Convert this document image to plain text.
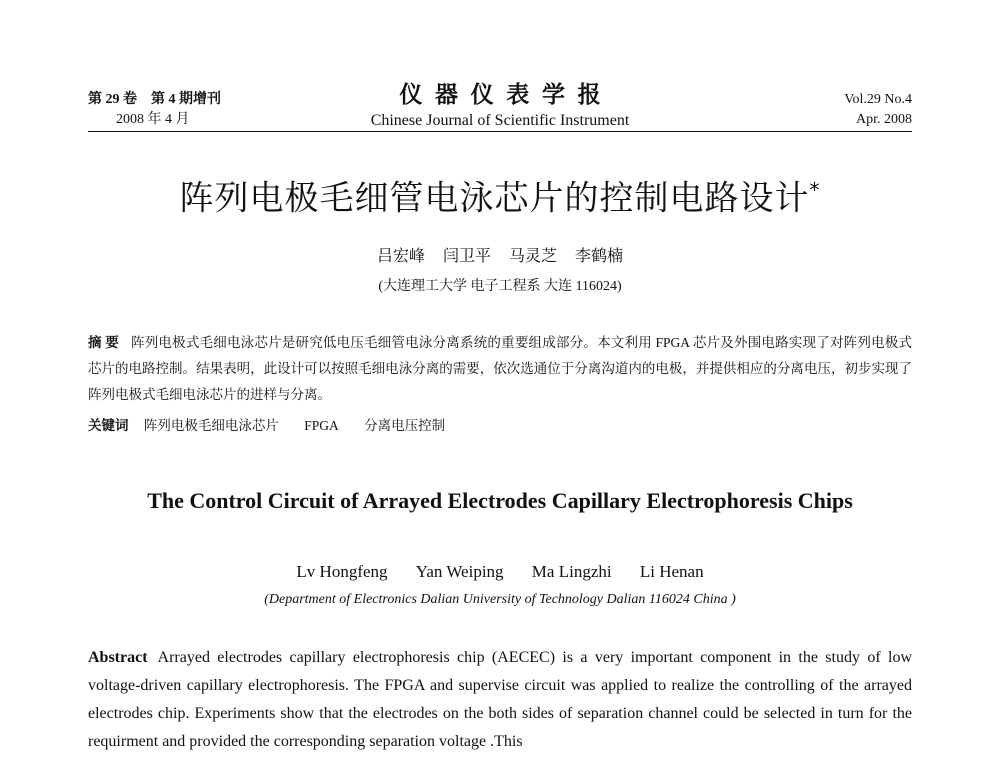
第 29 卷　第 4 期增刊
2008 年 4 月
仪器仪表学报
Chinese Journal of Scientific Instrument
Vol.29 No.4
Apr. 2008
阵列电极毛细管电泳芯片的控制电路设计*
吕宏峰 闫卫平 马灵芝 李鹤楠
(大连理工大学 电子工程系 大连 116024)
摘 要 阵列电极式毛细电泳芯片是研究低电压毛细管电泳分离系统的重要组成部分。本文利用 FPGA 芯片及外围电路实现了对阵列电极式芯片的电路控制。结果表明，此设计可以按照毛细电泳分离的需要，依次选通位于分离沟道内的电极，并提供相应的分离电压，初步实现了阵列电极式毛细电泳芯片的进样与分离。
关键词 阵列电极毛细电泳芯片 FPGA 分离电压控制
The Control Circuit of Arrayed Electrodes Capillary Electrophoresis Chips
Lv Hongfeng Yan Weiping Ma Lingzhi Li Henan
(Department of Electronics Dalian University of Technology Dalian 116024 China )
Abstract Arrayed electrodes capillary electrophoresis chip (AECEC) is a very important component in the study of low voltage-driven capillary electrophoresis. The FPGA and supervise circuit was applied to realize the controlling of the arrayed electrodes chip. Experiments show that the electrodes on the both sides of separation channel could be selected in turn for the requirment and provided the corresponding separation voltage .This
